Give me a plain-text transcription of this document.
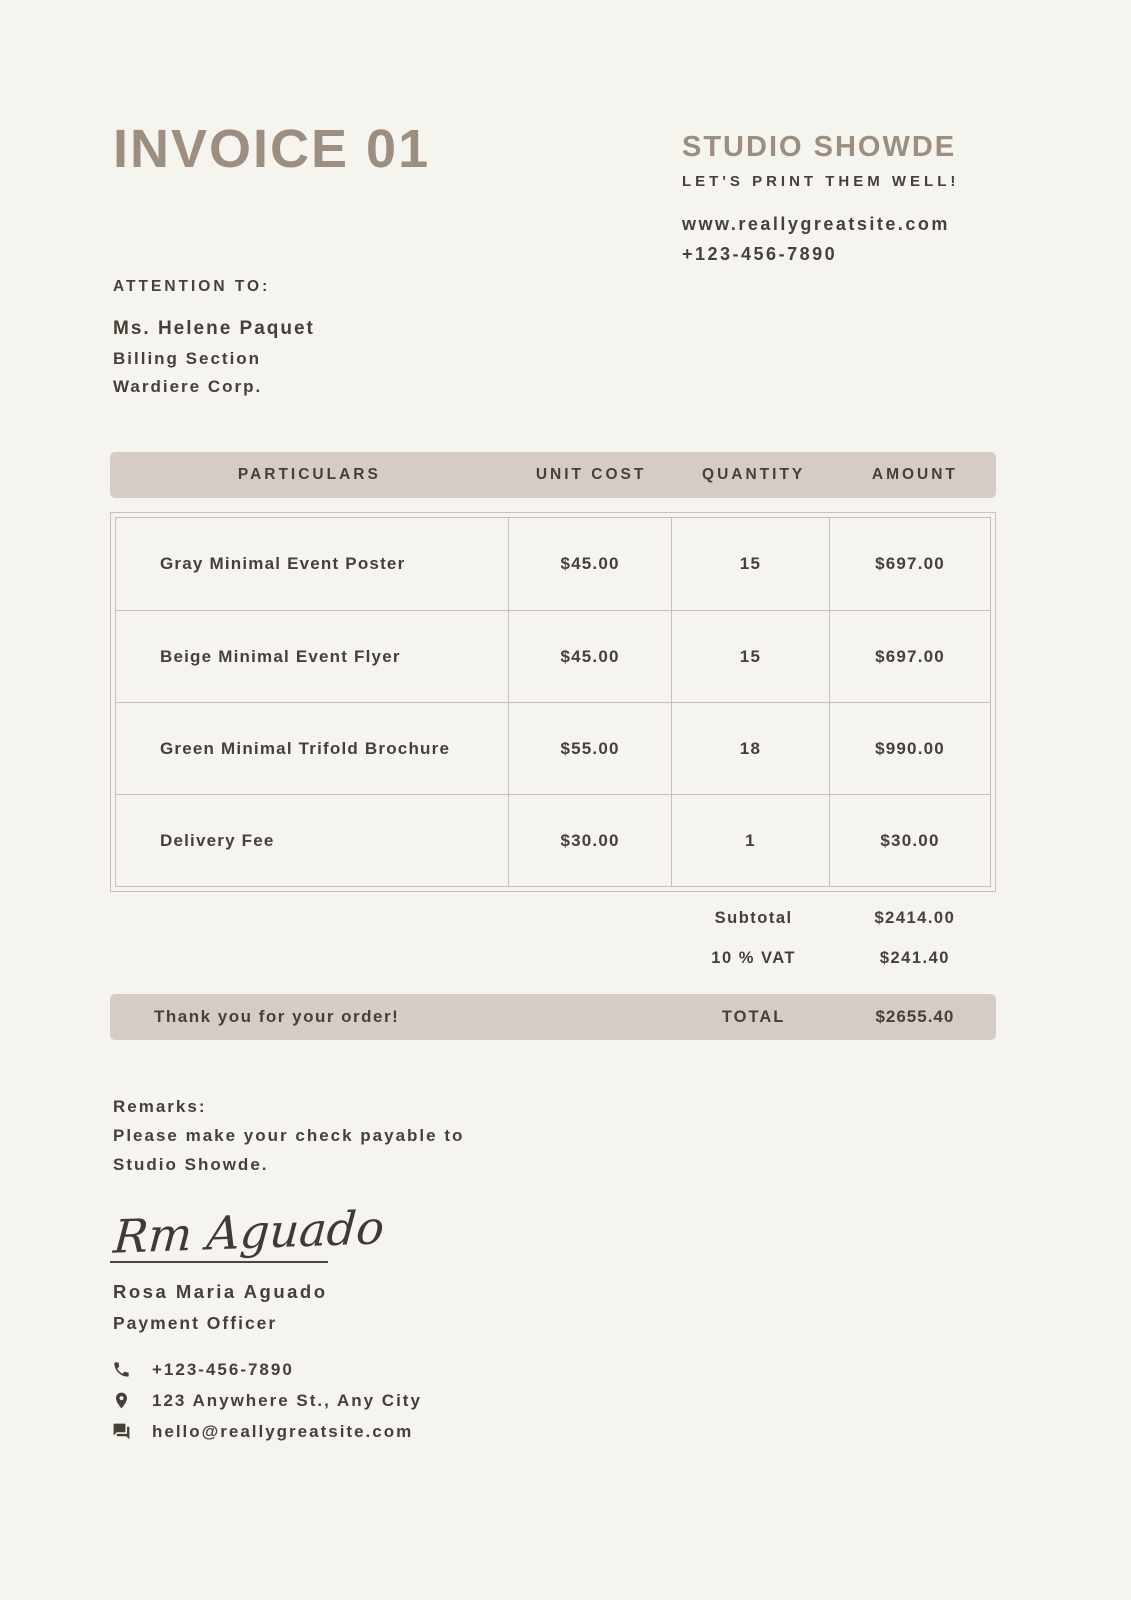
INVOICE 01	STUDIO SHOWDE
LET'S PRINT THEM WELL!
www.reallygreatsite.com
+123-456-7890
ATTENTION TO:
Ms. Helene Paquet
Billing Section
Wardiere Corp.
PARTICULARS	UNIT COST	QUANTITY	AMOUNT
Gray Minimal Event Poster	$45.00	15	$697.00
Beige Minimal Event Flyer	$45.00	15	$697.00
Green Minimal Trifold Brochure	$55.00	18	$990.00
Delivery Fee	$30.00	1	$30.00
Subtotal	$2414.00
10 % VAT	$241.40
Thank you for your order!	TOTAL	$2655.40
Remarks:
Please make your check payable to
Studio Showde.
Rm Aguado
Rosa Maria Aguado
Payment Officer
+123-456-7890
123 Anywhere St., Any City
hello@reallygreatsite.com
